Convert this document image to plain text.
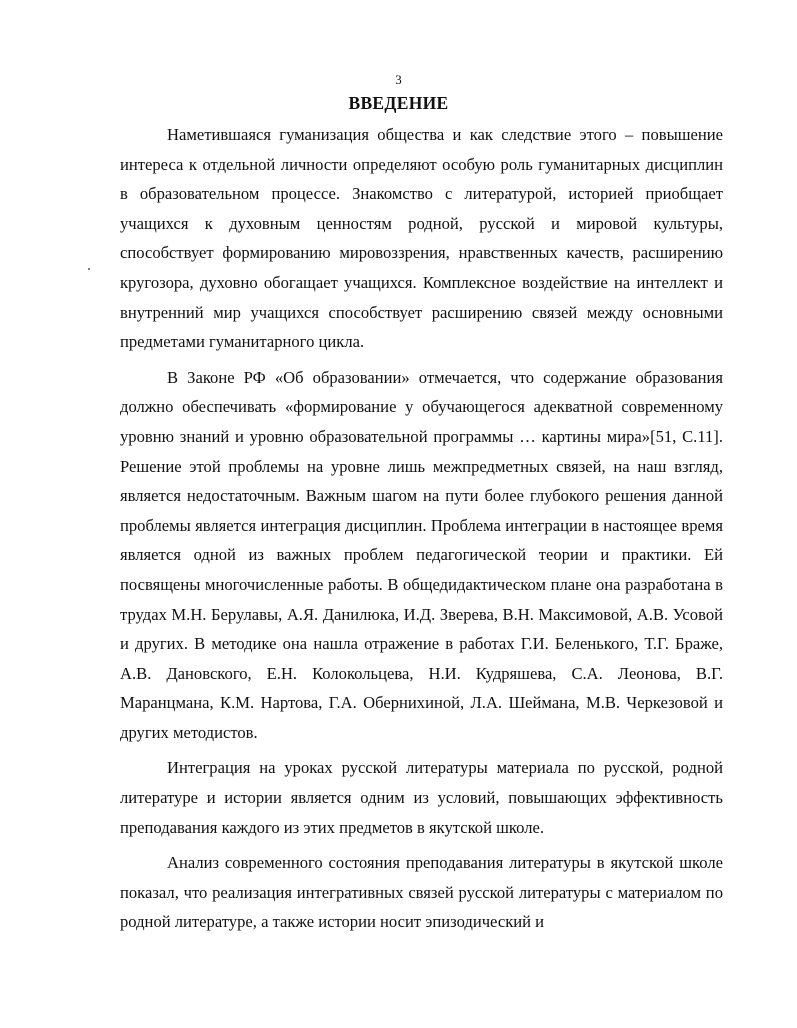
3
ВВЕДЕНИЕ

Наметившаяся гуманизация общества и как следствие этого – повышение интереса к отдельной личности определяют особую роль гуманитарных дисциплин в образовательном процессе. Знакомство с литературой, историей приобщает учащихся к духовным ценностям родной, русской и мировой культуры, способствует формированию мировоззрения, нравственных качеств, расширению кругозора, духовно обогащает учащихся. Комплексное воздействие на интеллект и внутренний мир учащихся способствует расширению связей между основными предметами гуманитарного цикла.

В Законе РФ «Об образовании» отмечается, что содержание образования должно обеспечивать «формирование у обучающегося адекватной современному уровню знаний и уровню образовательной программы … картины мира»[51, С.11]. Решение этой проблемы на уровне лишь межпредметных связей, на наш взгляд, является недостаточным. Важным шагом на пути более глубокого решения данной проблемы является интеграция дисциплин. Проблема интеграции в настоящее время является одной из важных проблем педагогической теории и практики. Ей посвящены многочисленные работы. В общедидактическом плане она разработана в трудах М.Н. Берулавы, А.Я. Данилюка, И.Д. Зверева, В.Н. Максимовой, А.В. Усовой и других. В методике она нашла отражение в работах Г.И. Беленького, Т.Г. Браже, А.В. Дановского, Е.Н. Колокольцева, Н.И. Кудряшева, С.А. Леонова, В.Г. Маранцмана, К.М. Нартова, Г.А. Обернихиной, Л.А. Шеймана, М.В. Черкезовой и других методистов.

Интеграция на уроках русской литературы материала по русской, родной литературе и истории является одним из условий, повышающих эффективность преподавания каждого из этих предметов в якутской школе.

Анализ современного состояния преподавания литературы в якутской школе показал, что реализация интегративных связей русской литературы с материалом по родной литературе, а также истории носит эпизодический и
